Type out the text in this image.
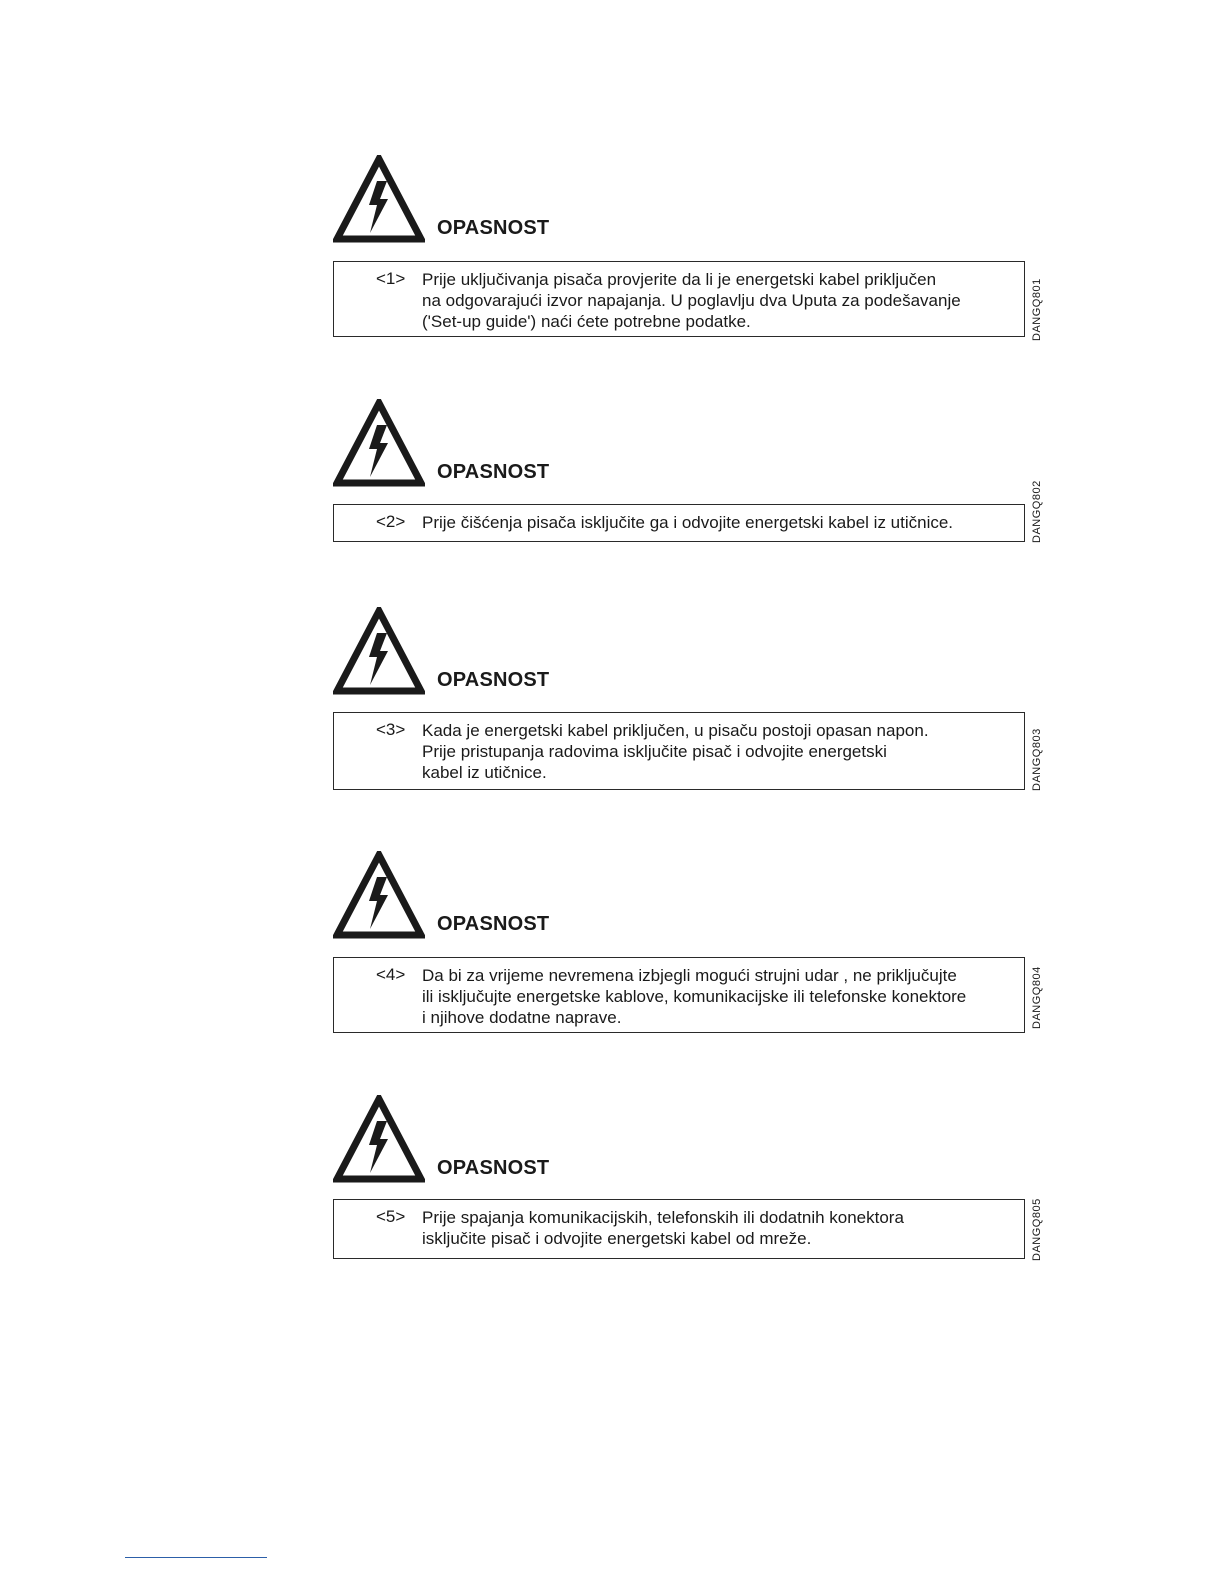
OPASNOST
<1> Prije uključivanja pisača provjerite da li je energetski kabel priključen
na odgovarajući izvor napajanja. U poglavlju dva Uputa za podešavanje
('Set-up guide') naći ćete potrebne podatke.	DANGQ801
OPASNOST
<2> Prije čišćenja pisača isključite ga i odvojite energetski kabel iz utičnice.	DANGQ802
OPASNOST
<3> Kada je energetski kabel priključen, u pisaču postoji opasan napon.
Prije pristupanja radovima isključite pisač i odvojite energetski
kabel iz utičnice.	DANGQ803
OPASNOST
<4> Da bi za vrijeme nevremena izbjegli mogući strujni udar , ne priključujte
ili isključujte energetske kablove, komunikacijske ili telefonske konektore
i njihove dodatne naprave.	DANGQ804
OPASNOST
<5> Prije spajanja komunikacijskih, telefonskih ili dodatnih konektora
isključite pisač i odvojite energetski kabel od mreže.	DANGQ805
